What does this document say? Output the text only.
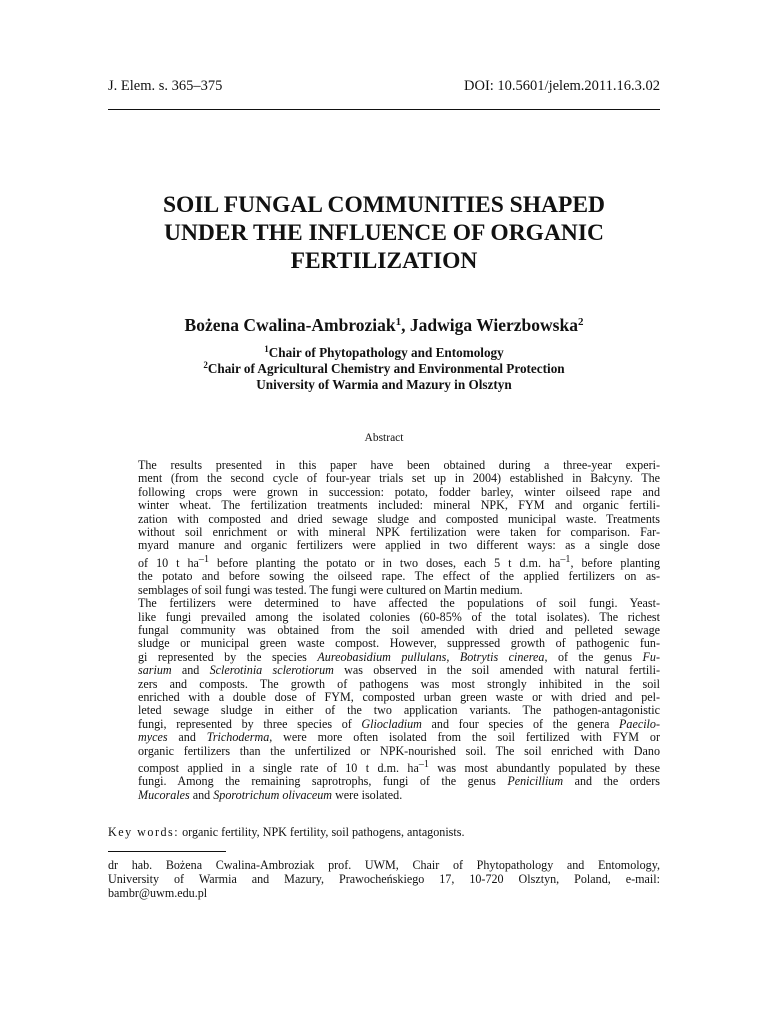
J. Elem. s. 365–375	DOI: 10.5601/jelem.2011.16.3.02
SOIL FUNGAL COMMUNITIES SHAPED
UNDER THE INFLUENCE OF ORGANIC
FERTILIZATION
Bożena Cwalina-Ambroziak$^1$, Jadwiga Wierzbowska$^2$
$^1$Chair of Phytopathology and Entomology
$^2$Chair of Agricultural Chemistry and Environmental Protection
University of Warmia and Mazury in Olsztyn
Abstract

The results presented in this paper have been obtained during a three-year experi-
ment (from the second cycle of four-year trials set up in 2004) established in Bałcyny. The
following crops were grown in succession: potato, fodder barley, winter oilseed rape and
winter wheat. The fertilization treatments included: mineral NPK, FYM and organic fertili-
zation with composted and dried sewage sludge and composted municipal waste. Treatments
without soil enrichment or with mineral NPK fertilization were taken for comparison. Far-
myard manure and organic fertilizers were applied in two different ways: as a single dose
of 10 t $ha^{-1}$ before planting the potato or in two doses, each 5 t d.m. $ha^{-1}$, before planting
the potato and before sowing the oilseed rape. The effect of the applied fertilizers on as-
semblages of soil fungi was tested. The fungi were cultured on Martin medium.

The fertilizers were determined to have affected the populations of soil fungi. Yeast-
like fungi prevailed among the isolated colonies (60-85% of the total isolates). The richest
fungal community was obtained from the soil amended with dried and pelleted sewage
sludge or municipal green waste compost. However, suppressed growth of pathogenic fun-
gi represented by the species Aureobasidium pullulans, Botrytis cinerea, of the genus Fu-
sarium and Sclerotinia sclerotiorum was observed in the soil amended with natural fertili-
zers and composts. The growth of pathogens was most strongly inhibited in the soil
enriched with a double dose of FYM, composted urban green waste or with dried and pel-
leted sewage sludge in either of the two application variants. The pathogen-antagonistic
fungi, represented by three species of Gliocladium and four species of the genera Paecilo-
myces and Trichoderma, were more often isolated from the soil fertilized with FYM or
organic fertilizers than the unfertilized or NPK-nourished soil. The soil enriched with Dano
compost applied in a single rate of 10 t d.m. $ha^{-1}$ was most abundantly populated by these
fungi. Among the remaining saprotrophs, fungi of the genus Penicillium and the orders
Mucorales and Sporotrichum olivaceum were isolated.

Key words: organic fertility, NPK fertility, soil pathogens, antagonists.
dr hab. Bożena Cwalina-Ambroziak prof. UWM, Chair of Phytopathology and Entomology,
University of Warmia and Mazury, Prawocheńskiego 17, 10-720 Olsztyn, Poland, e-mail:
bambr@uwm.edu.pl
